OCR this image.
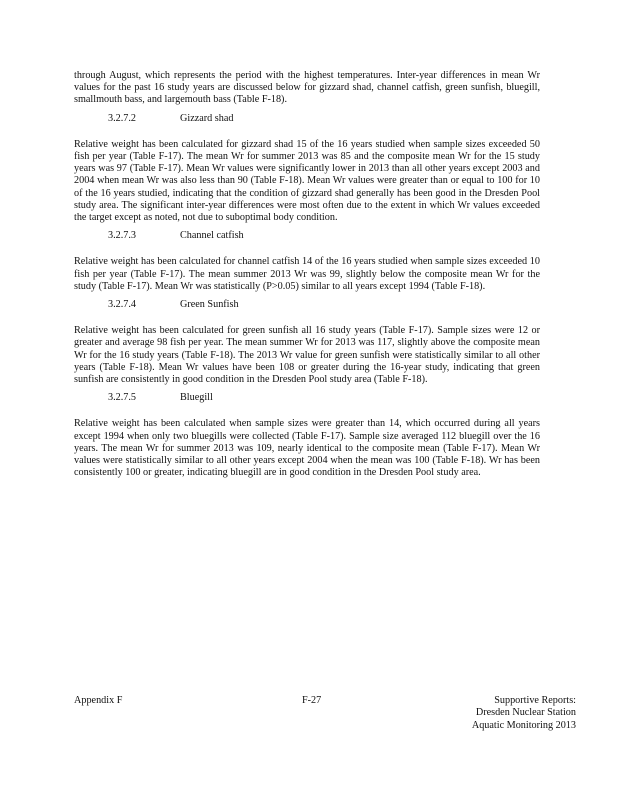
through August, which represents the period with the highest temperatures. Inter-year differences in mean Wr values for the past 16 study years are discussed below for gizzard shad, channel catfish, green sunfish, bluegill, smallmouth bass, and largemouth bass (Table F-18).

3.2.7.2	Gizzard shad

Relative weight has been calculated for gizzard shad 15 of the 16 years studied when sample sizes exceeded 50 fish per year (Table F-17). The mean Wr for summer 2013 was 85 and the composite mean Wr for the 15 study years was 97 (Table F-17). Mean Wr values were significantly lower in 2013 than all other years except 2003 and 2004 when mean Wr was also less than 90 (Table F-18). Mean Wr values were greater than or equal to 100 for 10 of the 16 years studied, indicating that the condition of gizzard shad generally has been good in the Dresden Pool study area. The significant inter-year differences were most often due to the extent in which Wr values exceeded the target except as noted, not due to suboptimal body condition.

3.2.7.3	Channel catfish

Relative weight has been calculated for channel catfish 14 of the 16 years studied when sample sizes exceeded 10 fish per year (Table F-17). The mean summer 2013 Wr was 99, slightly below the composite mean Wr for the study (Table F-17). Mean Wr was statistically (P>0.05) similar to all years except 1994 (Table F-18).

3.2.7.4	Green Sunfish

Relative weight has been calculated for green sunfish all 16 study years (Table F-17). Sample sizes were 12 or greater and average 98 fish per year. The mean summer Wr for 2013 was 117, slightly above the composite mean Wr for the 16 study years (Table F-18). The 2013 Wr value for green sunfish were statistically similar to all other years (Table F-18). Mean Wr values have been 108 or greater during the 16-year study, indicating that green sunfish are consistently in good condition in the Dresden Pool study area (Table F-18).

3.2.7.5	Bluegill

Relative weight has been calculated when sample sizes were greater than 14, which occurred during all years except 1994 when only two bluegills were collected (Table F-17). Sample size averaged 112 bluegill over the 16 years. The mean Wr for summer 2013 was 109, nearly identical to the composite mean (Table F-17). Mean Wr values were statistically similar to all other years except 2004 when the mean was 100 (Table F-18). Wr has been consistently 100 or greater, indicating bluegill are in good condition in the Dresden Pool study area.

Appendix F	F-27	Supportive Reports:
Dresden Nuclear Station
Aquatic Monitoring 2013
